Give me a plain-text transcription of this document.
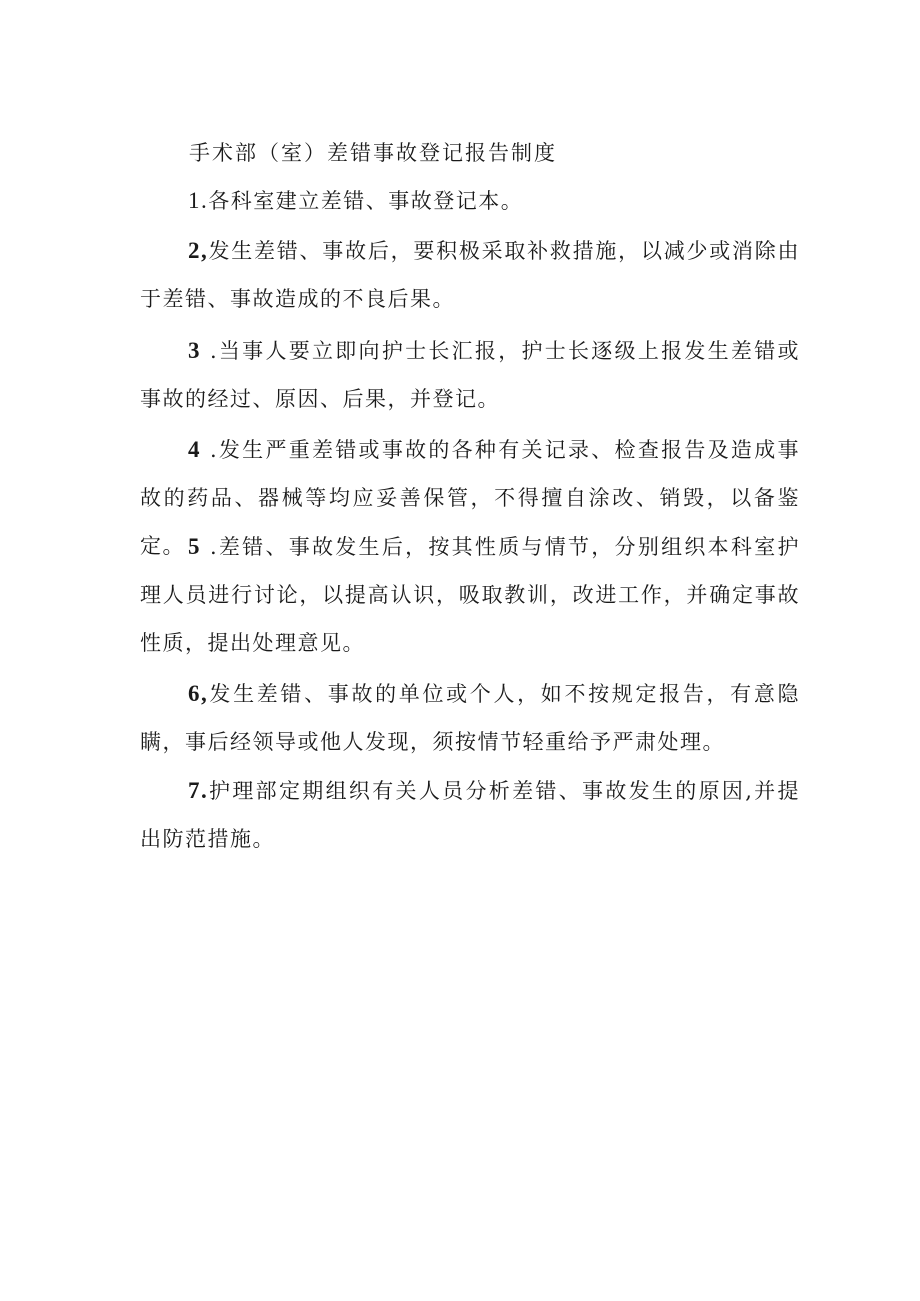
手术部（室）差错事故登记报告制度

1.各科室建立差错、事故登记本。

2,发生差错、事故后，要积极采取补救措施，以减少或消除由于差错、事故造成的不良后果。

3 .当事人要立即向护士长汇报，护士长逐级上报发生差错或事故的经过、原因、后果，并登记。

4 .发生严重差错或事故的各种有关记录、检查报告及造成事故的药品、器械等均应妥善保管，不得擅自涂改、销毁，以备鉴定。 5 .差错、事故发生后，按其性质与情节，分别组织本科室护理人员进行讨论，以提高认识，吸取教训，改进工作，并确定事故性质，提出处理意见。

6,发生差错、事故的单位或个人，如不按规定报告，有意隐瞒，事后经领导或他人发现，须按情节轻重给予严肃处理。

7.护理部定期组织有关人员分析差错、事故发生的原因,并提出防范措施。
